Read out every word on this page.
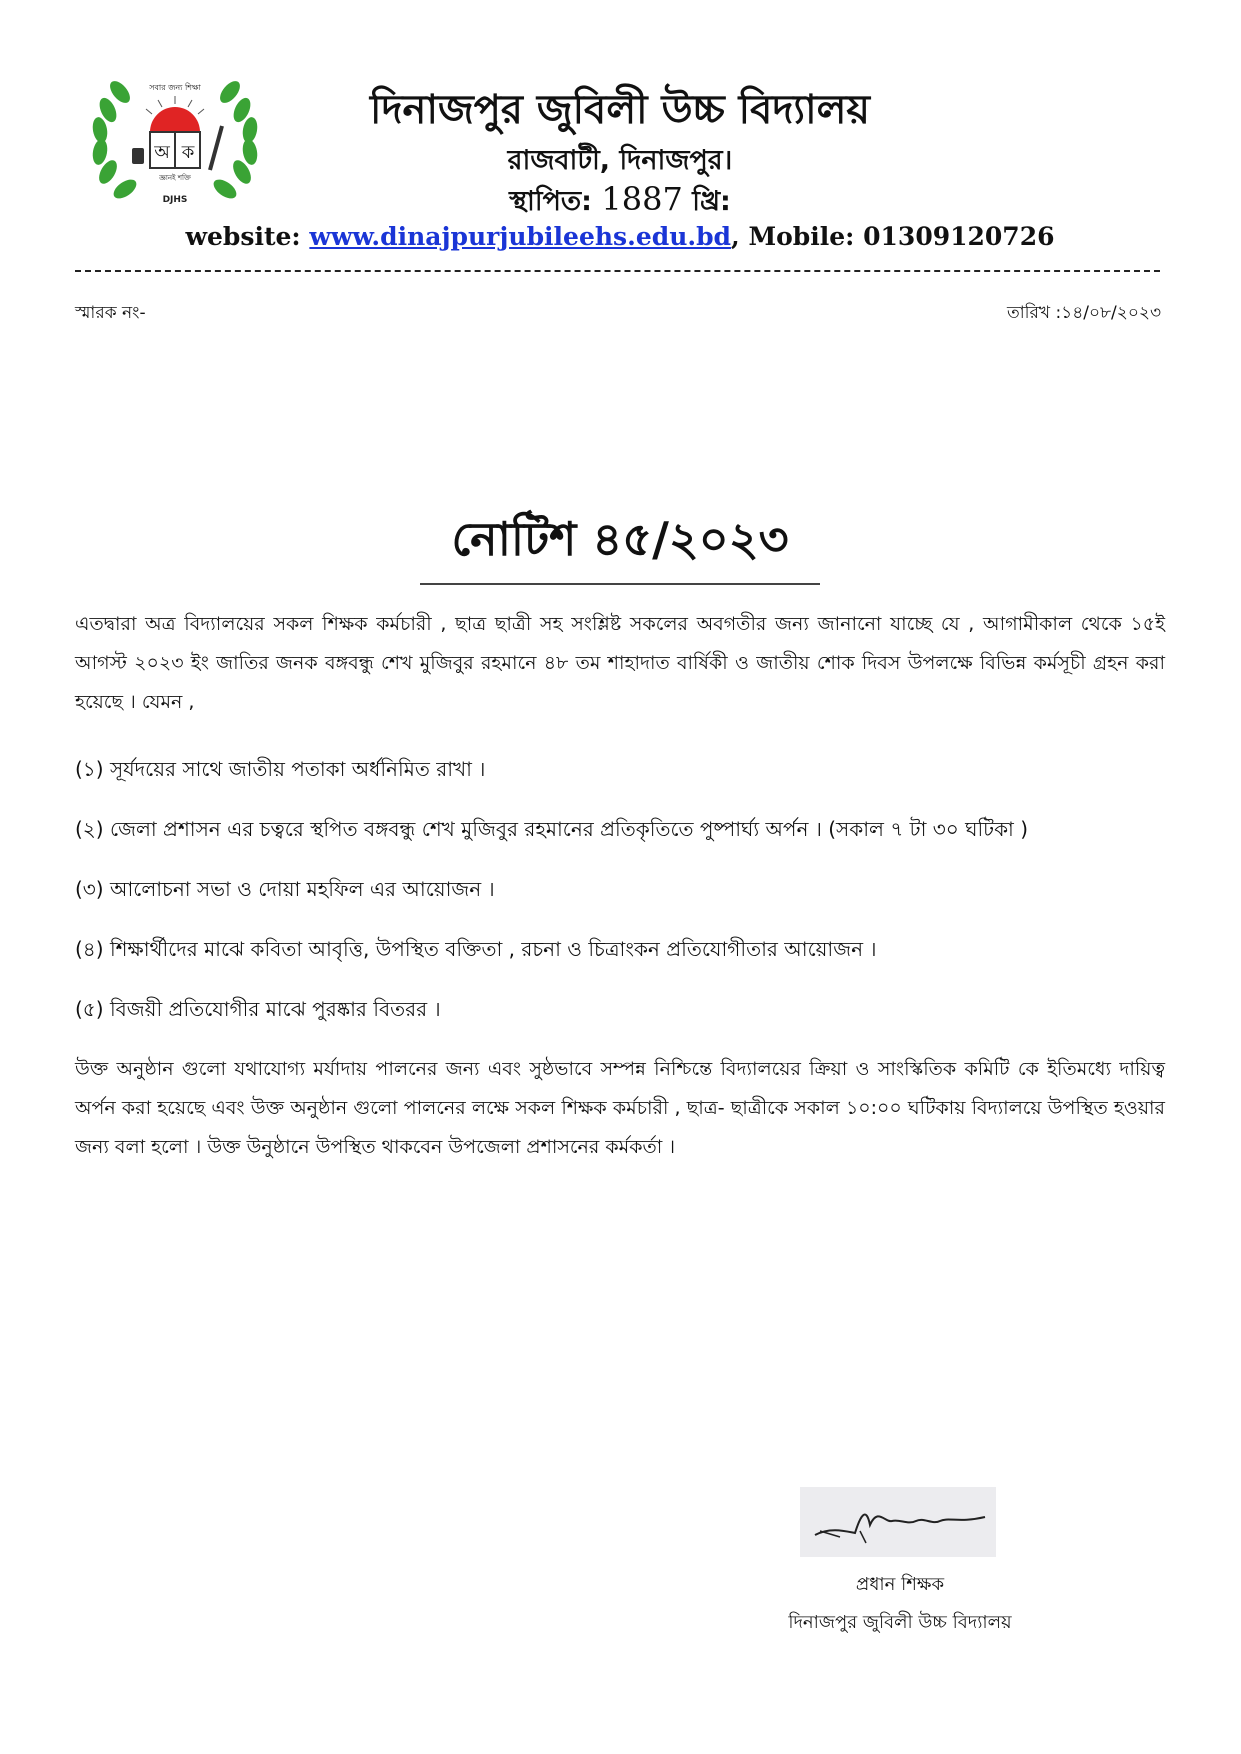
অ ক
সবার জন্য শিক্ষা
জ্ঞানই শক্তি
DJHS
দিনাজপুর জুবিলী উচ্চ বিদ্যালয়
রাজবাটী, দিনাজপুর।
স্থাপিত: 1887 খ্রি:
website: www.dinajpurjubileehs.edu.bd, Mobile: 01309120726
স্মারক নং-	তারিখ :১৪/০৮/২০২৩
নোটিশ ৪৫/২০২৩
এতদ্বারা অত্র বিদ্যালয়ের সকল শিক্ষক কর্মচারী , ছাত্র ছাত্রী সহ সংশ্লিষ্ট সকলের অবগতীর জন্য জানানো যাচ্ছে যে , আগামীকাল থেকে ১৫ই আগস্ট ২০২৩ ইং জাতির জনক বঙ্গবন্ধু শেখ মুজিবুর রহমানে ৪৮ তম শাহাদাত বার্ষিকী ও জাতীয় শোক দিবস উপলক্ষে বিভিন্ন কর্মসূচী গ্রহন করা হয়েছে । যেমন ,
(১) সূর্যদয়ের সাথে জাতীয় পতাকা অর্ধনিমিত রাখা ।
(২) জেলা প্রশাসন এর চত্বরে স্থপিত বঙ্গবন্ধু শেখ মুজিবুর রহমানের প্রতিকৃতিতে পুষ্পার্ঘ্য অর্পন । (সকাল ৭ টা ৩০ ঘটিকা )
(৩) আলোচনা সভা ও দোয়া মহফিল এর আয়োজন ।
(৪) শিক্ষার্থীদের মাঝে কবিতা আবৃত্তি, উপস্থিত বক্তিতা , রচনা ও চিত্রাংকন প্রতিযোগীতার আয়োজন ।
(৫) বিজয়ী প্রতিযোগীর মাঝে পুরষ্কার বিতরর ।
উক্ত অনুষ্ঠান গুলো যথাযোগ্য মর্যাদায় পালনের জন্য এবং সুষ্ঠভাবে সম্পন্ন নিশ্চিন্তে বিদ্যালয়ের ক্রিয়া ও সাংস্কিতিক কমিটি কে ইতিমধ্যে দায়িত্ব অর্পন করা হয়েছে এবং উক্ত অনুষ্ঠান গুলো পালনের লক্ষে সকল শিক্ষক কর্মচারী , ছাত্র- ছাত্রীকে সকাল ১০:০০ ঘটিকায় বিদ্যালয়ে উপস্থিত হওয়ার জন্য বলা হলো । উক্ত উনুষ্ঠানে উপস্থিত থাকবেন উপজেলা প্রশাসনের কর্মকর্তা ।
প্রধান শিক্ষক
দিনাজপুর জুবিলী উচ্চ বিদ্যালয়
